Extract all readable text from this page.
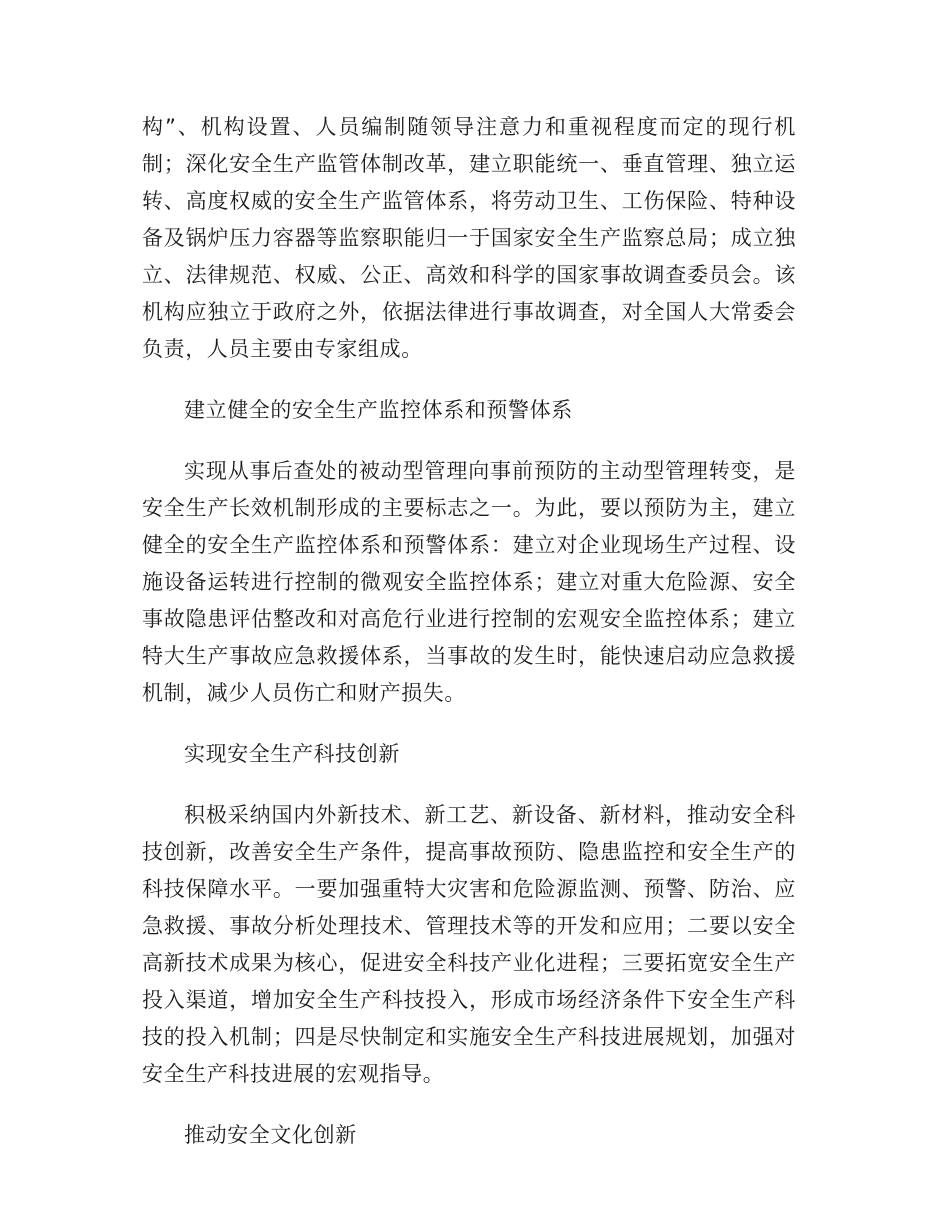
构”、机构设置、人员编制随领导注意力和重视程度而定的现行机制；深化安全生产监管体制改革，建立职能统一、垂直管理、独立运转、高度权威的安全生产监管体系，将劳动卫生、工伤保险、特种设备及锅炉压力容器等监察职能归一于国家安全生产监察总局；成立独立、法律规范、权威、公正、高效和科学的国家事故调查委员会。该机构应独立于政府之外，依据法律进行事故调查，对全国人大常委会负责，人员主要由专家组成。

建立健全的安全生产监控体系和预警体系

实现从事后查处的被动型管理向事前预防的主动型管理转变，是安全生产长效机制形成的主要标志之一。为此，要以预防为主，建立健全的安全生产监控体系和预警体系：建立对企业现场生产过程、设施设备运转进行控制的微观安全监控体系；建立对重大危险源、安全事故隐患评估整改和对高危行业进行控制的宏观安全监控体系；建立特大生产事故应急救援体系，当事故的发生时，能快速启动应急救援机制，减少人员伤亡和财产损失。

实现安全生产科技创新

积极采纳国内外新技术、新工艺、新设备、新材料，推动安全科技创新，改善安全生产条件，提高事故预防、隐患监控和安全生产的科技保障水平。一要加强重特大灾害和危险源监测、预警、防治、应急救援、事故分析处理技术、管理技术等的开发和应用；二要以安全高新技术成果为核心，促进安全科技产业化进程；三要拓宽安全生产投入渠道，增加安全生产科技投入，形成市场经济条件下安全生产科技的投入机制；四是尽快制定和实施安全生产科技进展规划，加强对安全生产科技进展的宏观指导。

推动安全文化创新
